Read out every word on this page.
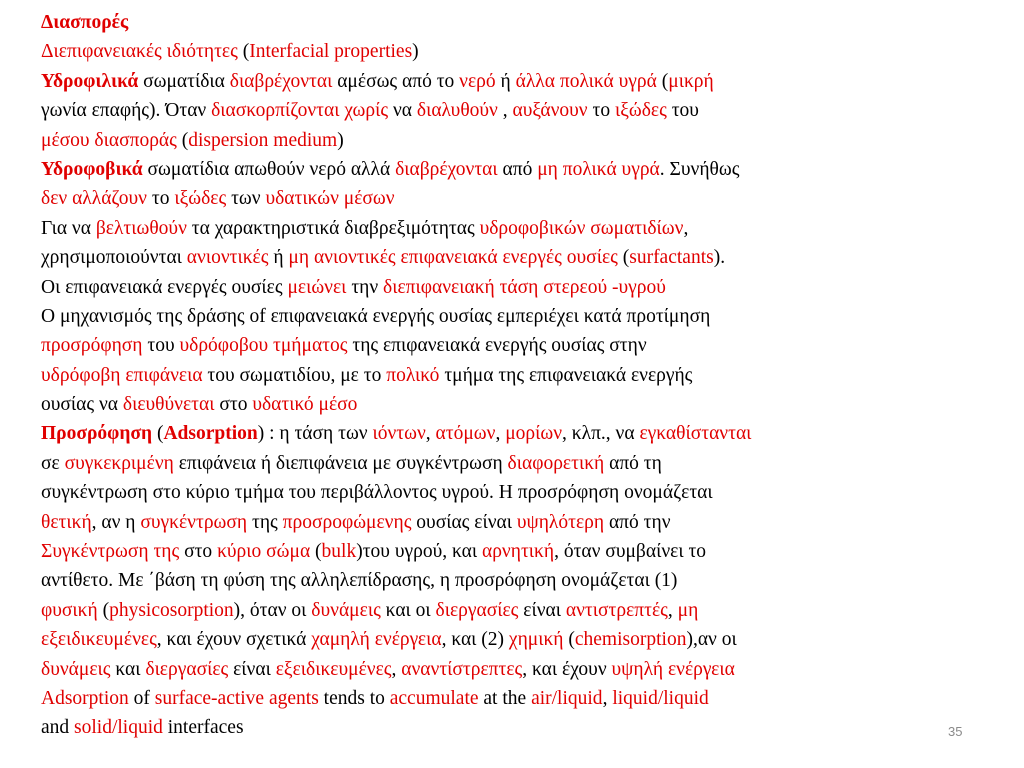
Διασπορές
Διεπιφανειακές ιδιότητες (Interfacial properties)
Υδροφιλικά σωματίδια διαβρέχονται αμέσως από το νερό ή άλλα πολικά υγρά (μικρή
γωνία επαφής). Όταν διασκορπίζονται χωρίς να διαλυθούν , αυξάνουν το ιξώδες του
μέσου διασποράς (dispersion medium)
Υδροφοβικά σωματίδια απωθούν νερό αλλά διαβρέχονται από μη πολικά υγρά. Συνήθως
δεν αλλάζουν το ιξώδες των υδατικών μέσων
Για να βελτιωθούν τα χαρακτηριστικά διαβρεξιμότητας υδροφοβικών σωματιδίων,
χρησιμοποιούνται ανιοντικές ή μη ανιοντικές επιφανειακά ενεργές ουσίες (surfactants).
Οι επιφανειακά ενεργές ουσίες μειώνει την διεπιφανειακή τάση στερεού -υγρού
Ο μηχανισμός της δράσης of επιφανειακά ενεργής ουσίας εμπεριέχει κατά προτίμηση
προσρόφηση του υδρόφοβου τμήματος της επιφανειακά ενεργής ουσίας στην
υδρόφοβη επιφάνεια του σωματιδίου, με το πολικό τμήμα της επιφανειακά ενεργής
ουσίας να διευθύνεται στο υδατικό μέσο
Προσρόφηση (Adsorption) : η τάση των ιόντων, ατόμων, μορίων, κλπ., να εγκαθίστανται
σε συγκεκριμένη επιφάνεια ή διεπιφάνεια με συγκέντρωση διαφορετική από τη
συγκέντρωση στο κύριο τμήμα του περιβάλλοντος υγρού. Η προσρόφηση ονομάζεται
θετική, αν η συγκέντρωση της προσροφώμενης ουσίας είναι υψηλότερη από την
Συγκέντρωση της στο κύριο σώμα (bulk)του υγρού, και αρνητική, όταν συμβαίνει το
αντίθετο. Με ΄βάση τη φύση της αλληλεπίδρασης, η προσρόφηση ονομάζεται (1)
φυσική (physicosorption), όταν οι δυνάμεις και οι διεργασίες είναι αντιστρεπτές, μη
εξειδικευμένες, και έχουν σχετικά χαμηλή ενέργεια, και (2) χημική (chemisorption),αν οι
δυνάμεις και διεργασίες είναι εξειδικευμένες, αναντίστρεπτες, και έχουν υψηλή ενέργεια
Adsorption of surface-active agents tends to accumulate at the air/liquid, liquid/liquid
and solid/liquid interfaces	35
